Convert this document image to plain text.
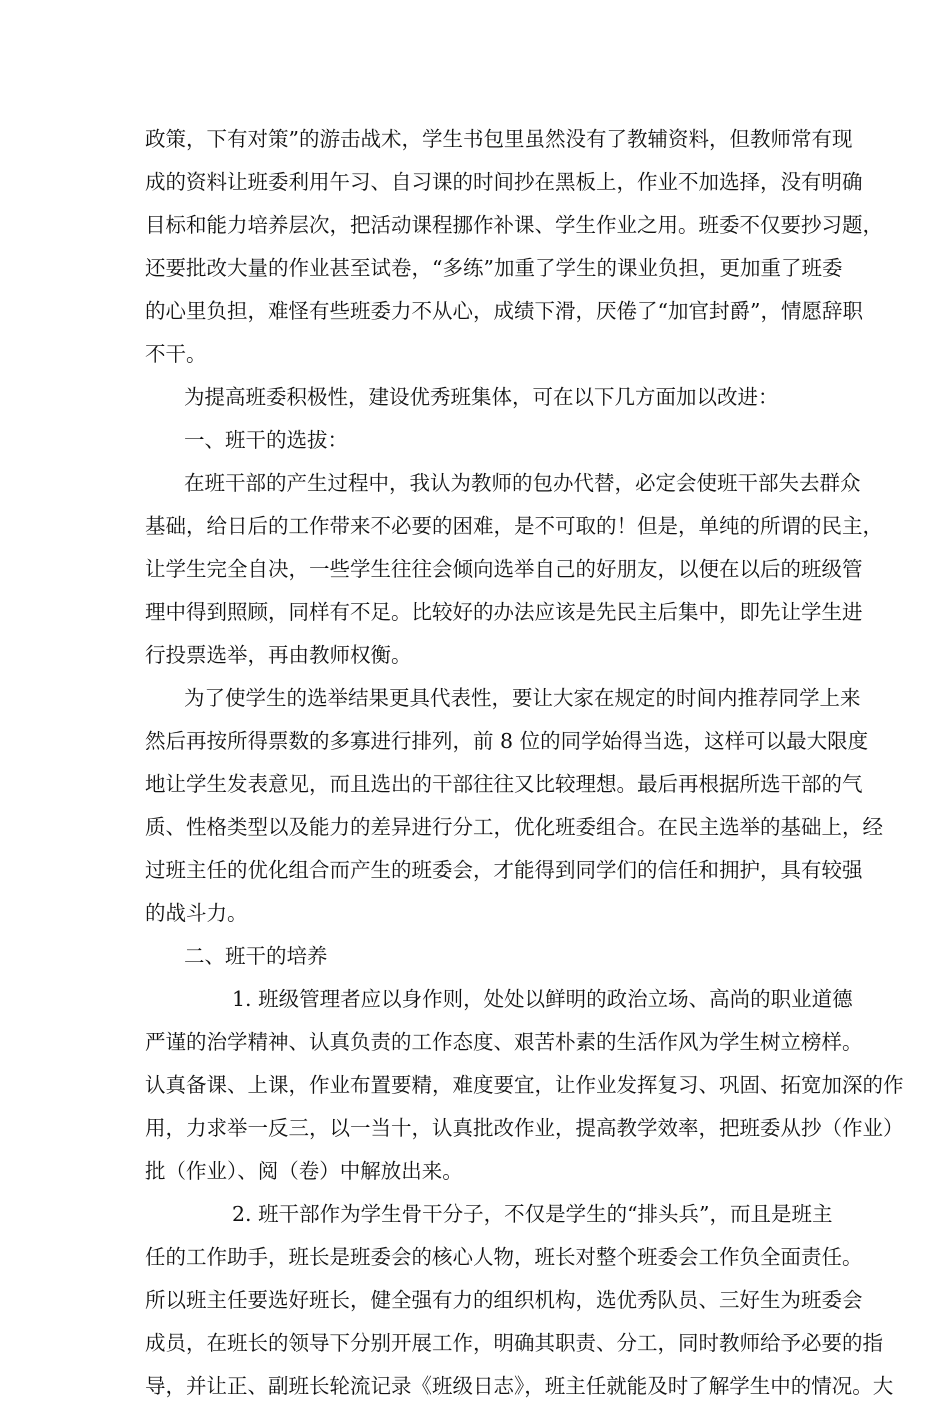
政策，下有对策”的游击战术，学生书包里虽然没有了教辅资料，但教师常有现
成的资料让班委利用午习、自习课的时间抄在黑板上，作业不加选择，没有明确
目标和能力培养层次，把活动课程挪作补课、学生作业之用。班委不仅要抄习题，
还要批改大量的作业甚至试卷，“多练”加重了学生的课业负担，更加重了班委
的心里负担，难怪有些班委力不从心，成绩下滑，厌倦了“加官封爵”，情愿辞职
不干。
为提高班委积极性，建设优秀班集体，可在以下几方面加以改进：
一、班干的选拔：
在班干部的产生过程中，我认为教师的包办代替，必定会使班干部失去群众
基础，给日后的工作带来不必要的困难，是不可取的！但是，单纯的所谓的民主，
让学生完全自决，一些学生往往会倾向选举自己的好朋友，以便在以后的班级管
理中得到照顾，同样有不足。比较好的办法应该是先民主后集中，即先让学生进
行投票选举，再由教师权衡。
为了使学生的选举结果更具代表性，要让大家在规定的时间内推荐同学上来
然后再按所得票数的多寡进行排列，前 8 位的同学始得当选，这样可以最大限度
地让学生发表意见，而且选出的干部往往又比较理想。最后再根据所选干部的气
质、性格类型以及能力的差异进行分工，优化班委组合。在民主选举的基础上，经
过班主任的优化组合而产生的班委会，才能得到同学们的信任和拥护，具有较强
的战斗力。
二、班干的培养
1. 班级管理者应以身作则，处处以鲜明的政治立场、高尚的职业道德
严谨的治学精神、认真负责的工作态度、艰苦朴素的生活作风为学生树立榜样。
认真备课、上课，作业布置要精，难度要宜，让作业发挥复习、巩固、拓宽加深的作
用，力求举一反三，以一当十，认真批改作业，提高教学效率，把班委从抄（作业）
批（作业）、阅（卷）中解放出来。
2. 班干部作为学生骨干分子，不仅是学生的“排头兵”，而且是班主
任的工作助手，班长是班委会的核心人物，班长对整个班委会工作负全面责任。
所以班主任要选好班长，健全强有力的组织机构，选优秀队员、三好生为班委会
成员，在班长的领导下分别开展工作，明确其职责、分工，同时教师给予必要的指
导，并让正、副班长轮流记录《班级日志》，班主任就能及时了解学生中的情况。大
